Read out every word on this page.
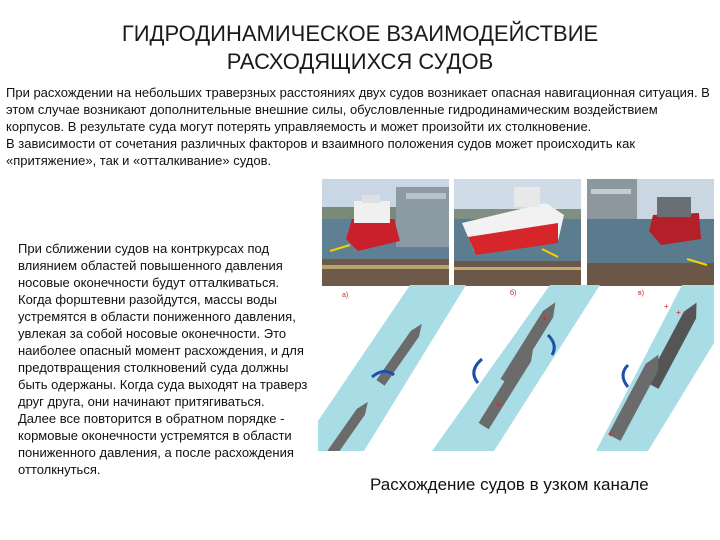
ГИДРОДИНАМИЧЕСКОЕ ВЗАИМОДЕЙСТВИЕ
РАСХОДЯЩИХСЯ СУДОВ

При расхождении на небольших траверзных расстояниях двух судов возникает опасная навигационная ситуация. В этом случае возникают дополнительные внешние силы, обусловленные гидродинамическим воздействием корпусов. В результате суда могут потерять управляемость и может произойти их столкновение.

В зависимости от сочетания различных факторов и взаимного положения судов может происходить как «притяжение», так и «отталкивание» судов.

При сближении судов на контркурсах под влиянием областей повышенного давления носовые оконечности будут отталкиваться.

Когда форштевни разойдутся, массы воды устремятся в области пониженного давления, увлекая за собой носовые оконечности. Это наиболее опасный момент расхождения, и для предотвращения столкновений суда должны быть одержаны. Когда суда выходят на траверз друг друга, они начинают притягиваться.

Далее все повторится в обратном порядке - кормовые оконечности устремятся в области пониженного давления, а после расхождения оттолкнуться.

а)	б)	в)
+
+
+
+
+
Расхождение судов в узком канале
